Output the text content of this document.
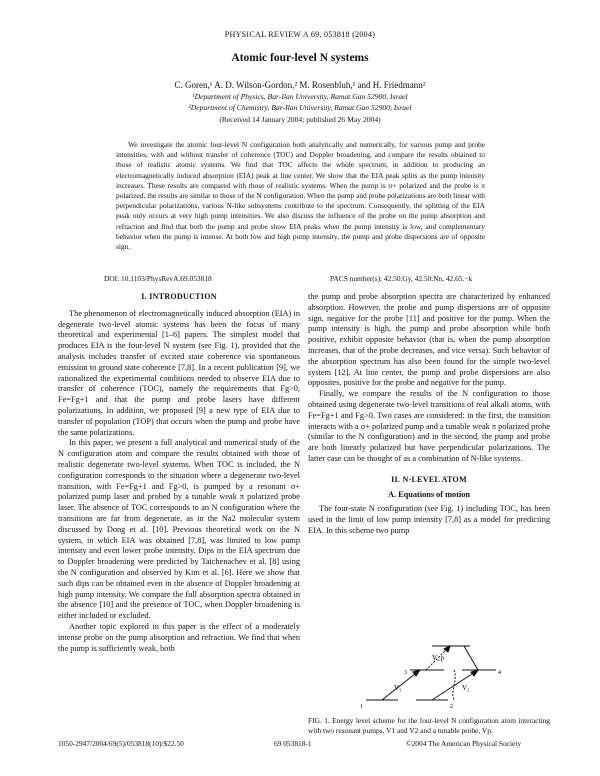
PHYSICAL REVIEW A 69, 053818 (2004)
Atomic four-level N systems
C. Goren,¹ A. D. Wilson-Gordon,² M. Rosenbluh,¹ and H. Friedmann²
¹Department of Physics, Bar-Ilan University, Ramat Gan 52900, Israel
²Department of Chemistry, Bar-Ilan University, Ramat Gan 52900, Israel
(Received 14 January 2004; published 26 May 2004)
We investigate the atomic four-level N configuration both analytically and numerically, for various pump and probe intensities, with and without transfer of coherence (TOC) and Doppler broadening, and compare the results obtained to those of realistic atomic systems. We find that TOC affects the whole spectrum, in addition to producing an electromagnetically induced absorption (EIA) peak at line center. We show that the EIA peak splits as the pump intensity increases. These results are compared with those of realistic systems. When the pump is σ+ polarized and the probe is π polarized, the results are similar to those of the N configuration. When the pump and probe polarizations are both linear with perpendicular polarizations, various N-like subsystems contribute to the spectrum. Consequently, the splitting of the EIA peak only occurs at very high pump intensities. We also discuss the influence of the probe on the pump absorption and refraction and find that both the pump and probe show EIA peaks when the pump intensity is low, and complementary behavior when the pump is intense. At both low and high pump intensity, the pump and probe dispersions are of opposite sign.
DOI: 10.1103/PhysRevA.69.053818	PACS number(s): 42.50.Gy, 42.50.Nn, 42.65.−k
I. INTRODUCTION

The phenomenon of electromagnetically induced absorption (EIA) in degenerate two-level atomic systems has been the focus of many theoretical and experimental [1–6] papers. The simplest model that produces EIA is the four-level N system (see Fig. 1), provided that the analysis includes transfer of excited state coherence via spontaneous emission to ground state coherence [7,8]. In a recent publication [9], we rationalized the experimental conditions needed to observe EIA due to transfer of coherence (TOC), namely the requirements that Fg>0, Fe=Fg+1 and that the pump and probe lasers have different polarizations. In addition, we proposed [9] a new type of EIA due to transfer of population (TOP) that occurs when the pump and probe have the same polarizations.

In this paper, we present a full analytical and numerical study of the N configuration atom and compare the results obtained with those of realistic degenerate two-level systems. When TOC is included, the N configuration corresponds to the situation where a degenerate two-level transition, with Fe=Fg+1 and Fg>0, is pumped by a resonant σ+ polarized pump laser and probed by a tunable weak π polarized probe laser. The absence of TOC corresponds to an N configuration where the transitions are far from degenerate, as in the Na2 molecular system discussed by Dong et al. [10]. Previous theoretical work on the N system, in which EIA was obtained [7,8], was limited to low pump intensity and even lower probe intensity. Dips in the EIA spectrum due to Doppler broadening were predicted by Taichenachev et al. [8] using the N configuration and observed by Kim et al. [6]. Here we show that such dips can be obtained even in the absence of Doppler broadening at high pump intensity. We compare the full absorption spectra obtained in the absence [10] and the presence of TOC, when Doppler broadening is either included or excluded.

Another topic explored in this paper is the effect of a moderately intense probe on the pump absorption and refraction. We find that when the pump is sufficiently weak, both

the pump and probe absorption spectra are characterized by enhanced absorption. However, the probe and pump dispersions are of opposite sign, negative for the probe [11] and positive for the pump. When the pump intensity is high, the pump and probe absorption while both positive, exhibit opposite behavior (that is, when the pump absorption increases, that of the probe decreases, and vice versa). Such behavior of the absorption spectrum has also been found for the simple two-level system [12]. At line center, the pump and probe dispersions are also opposites, positive for the probe and negative for the pump.

Finally, we compare the results of the N configuration to those obtained using degenerate two-level transitions of real alkali atoms, with Fe=Fg+1 and Fg>0. Two cases are considered: in the first, the transition interacts with a σ+ polarized pump and a tunable weak π polarized probe (similar to the N configuration) and in the second, the pump and probe are both linearly polarized but have perpendicular polarizations. The latter case can be thought of as a combination of N-like systems.

II. N-LEVEL ATOM
A. Equations of motion

The four-state N configuration (see Fig. 1) including TOC, has been used in the limit of low pump intensity [7,8] as a model for predicting EIA. In this scheme two pump

V₁	V₂
V_p
1	2
3	4
FIG. 1. Energy level scheme for the four-level N configuration atom interacting with two resonant pumps, V1 and V2 and a tunable probe, Vp.
1050-2947/2004/69(5)/053818(10)/$22.50	69 053818-1	©2004 The American Physical Society
